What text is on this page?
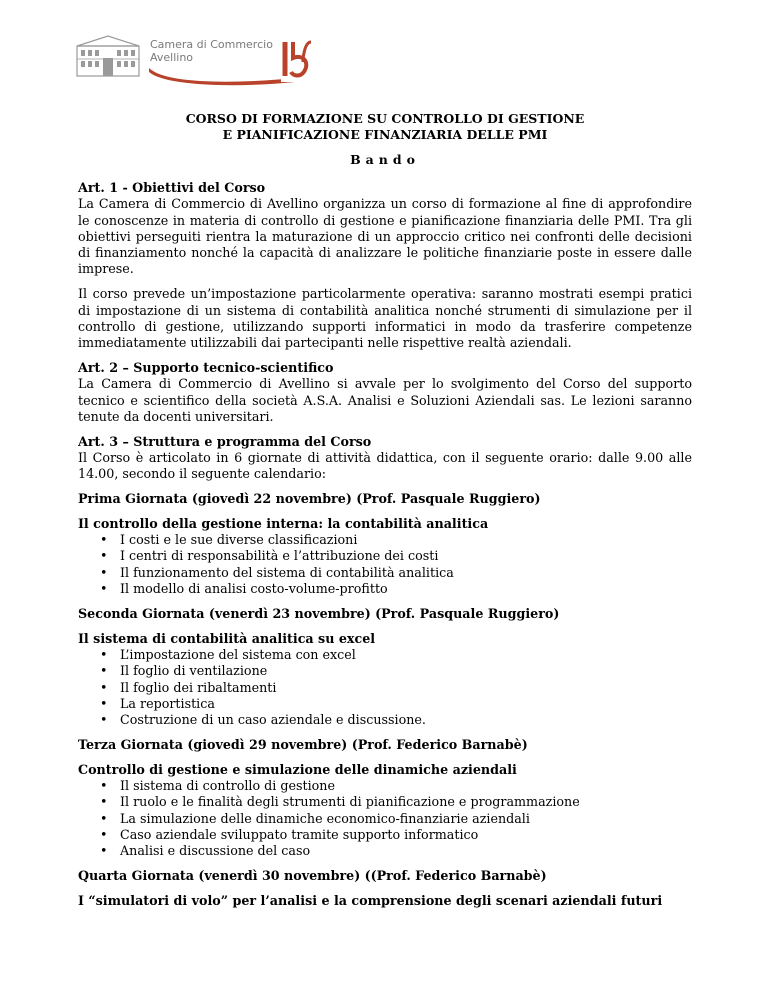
Camera di Commercio
Avellino
CORSO DI FORMAZIONE SU CONTROLLO DI GESTIONE
E PIANIFICAZIONE FINANZIARIA DELLE PMI
Bando

Art. 1 - Obiettivi del Corso

La Camera di Commercio di Avellino organizza un corso di formazione al fine di approfondire le conoscenze in materia di controllo di gestione e pianificazione finanziaria delle PMI. Tra gli obiettivi perseguiti rientra la maturazione di un approccio critico nei confronti delle decisioni di finanziamento nonché la capacità di analizzare le politiche finanziarie poste in essere dalle imprese.

Il corso prevede un’impostazione particolarmente operativa: saranno mostrati esempi pratici di impostazione di un sistema di contabilità analitica nonché strumenti di simulazione per il controllo di gestione, utilizzando supporti informatici in modo da trasferire competenze immediatamente utilizzabili dai partecipanti nelle rispettive realtà aziendali.

Art. 2 – Supporto tecnico-scientifico

La Camera di Commercio di Avellino si avvale per lo svolgimento del Corso del supporto tecnico e scientifico della società A.S.A. Analisi e Soluzioni Aziendali sas. Le lezioni saranno tenute da docenti universitari.

Art. 3 – Struttura e programma del Corso

Il Corso è articolato in 6 giornate di attività didattica, con il seguente orario: dalle 9.00 alle 14.00, secondo il seguente calendario:

Prima Giornata (giovedì 22 novembre) (Prof. Pasquale Ruggiero)

Il controllo della gestione interna: la contabilità analitica

• I costi e le sue diverse classificazioni
• I centri di responsabilità e l’attribuzione dei costi
• Il funzionamento del sistema di contabilità analitica
• Il modello di analisi costo-volume-profitto

Seconda Giornata (venerdì 23 novembre) (Prof. Pasquale Ruggiero)

Il sistema di contabilità analitica su excel

• L’impostazione del sistema con excel
• Il foglio di ventilazione
• Il foglio dei ribaltamenti
• La reportistica
• Costruzione di un caso aziendale e discussione.

Terza Giornata (giovedì 29 novembre) (Prof. Federico Barnabè)

Controllo di gestione e simulazione delle dinamiche aziendali

• Il sistema di controllo di gestione
• Il ruolo e le finalità degli strumenti di pianificazione e programmazione
• La simulazione delle dinamiche economico-finanziarie aziendali
• Caso aziendale sviluppato tramite supporto informatico
• Analisi e discussione del caso

Quarta Giornata (venerdì 30 novembre) ((Prof. Federico Barnabè)

I “simulatori di volo” per l’analisi e la comprensione degli scenari aziendali futuri
